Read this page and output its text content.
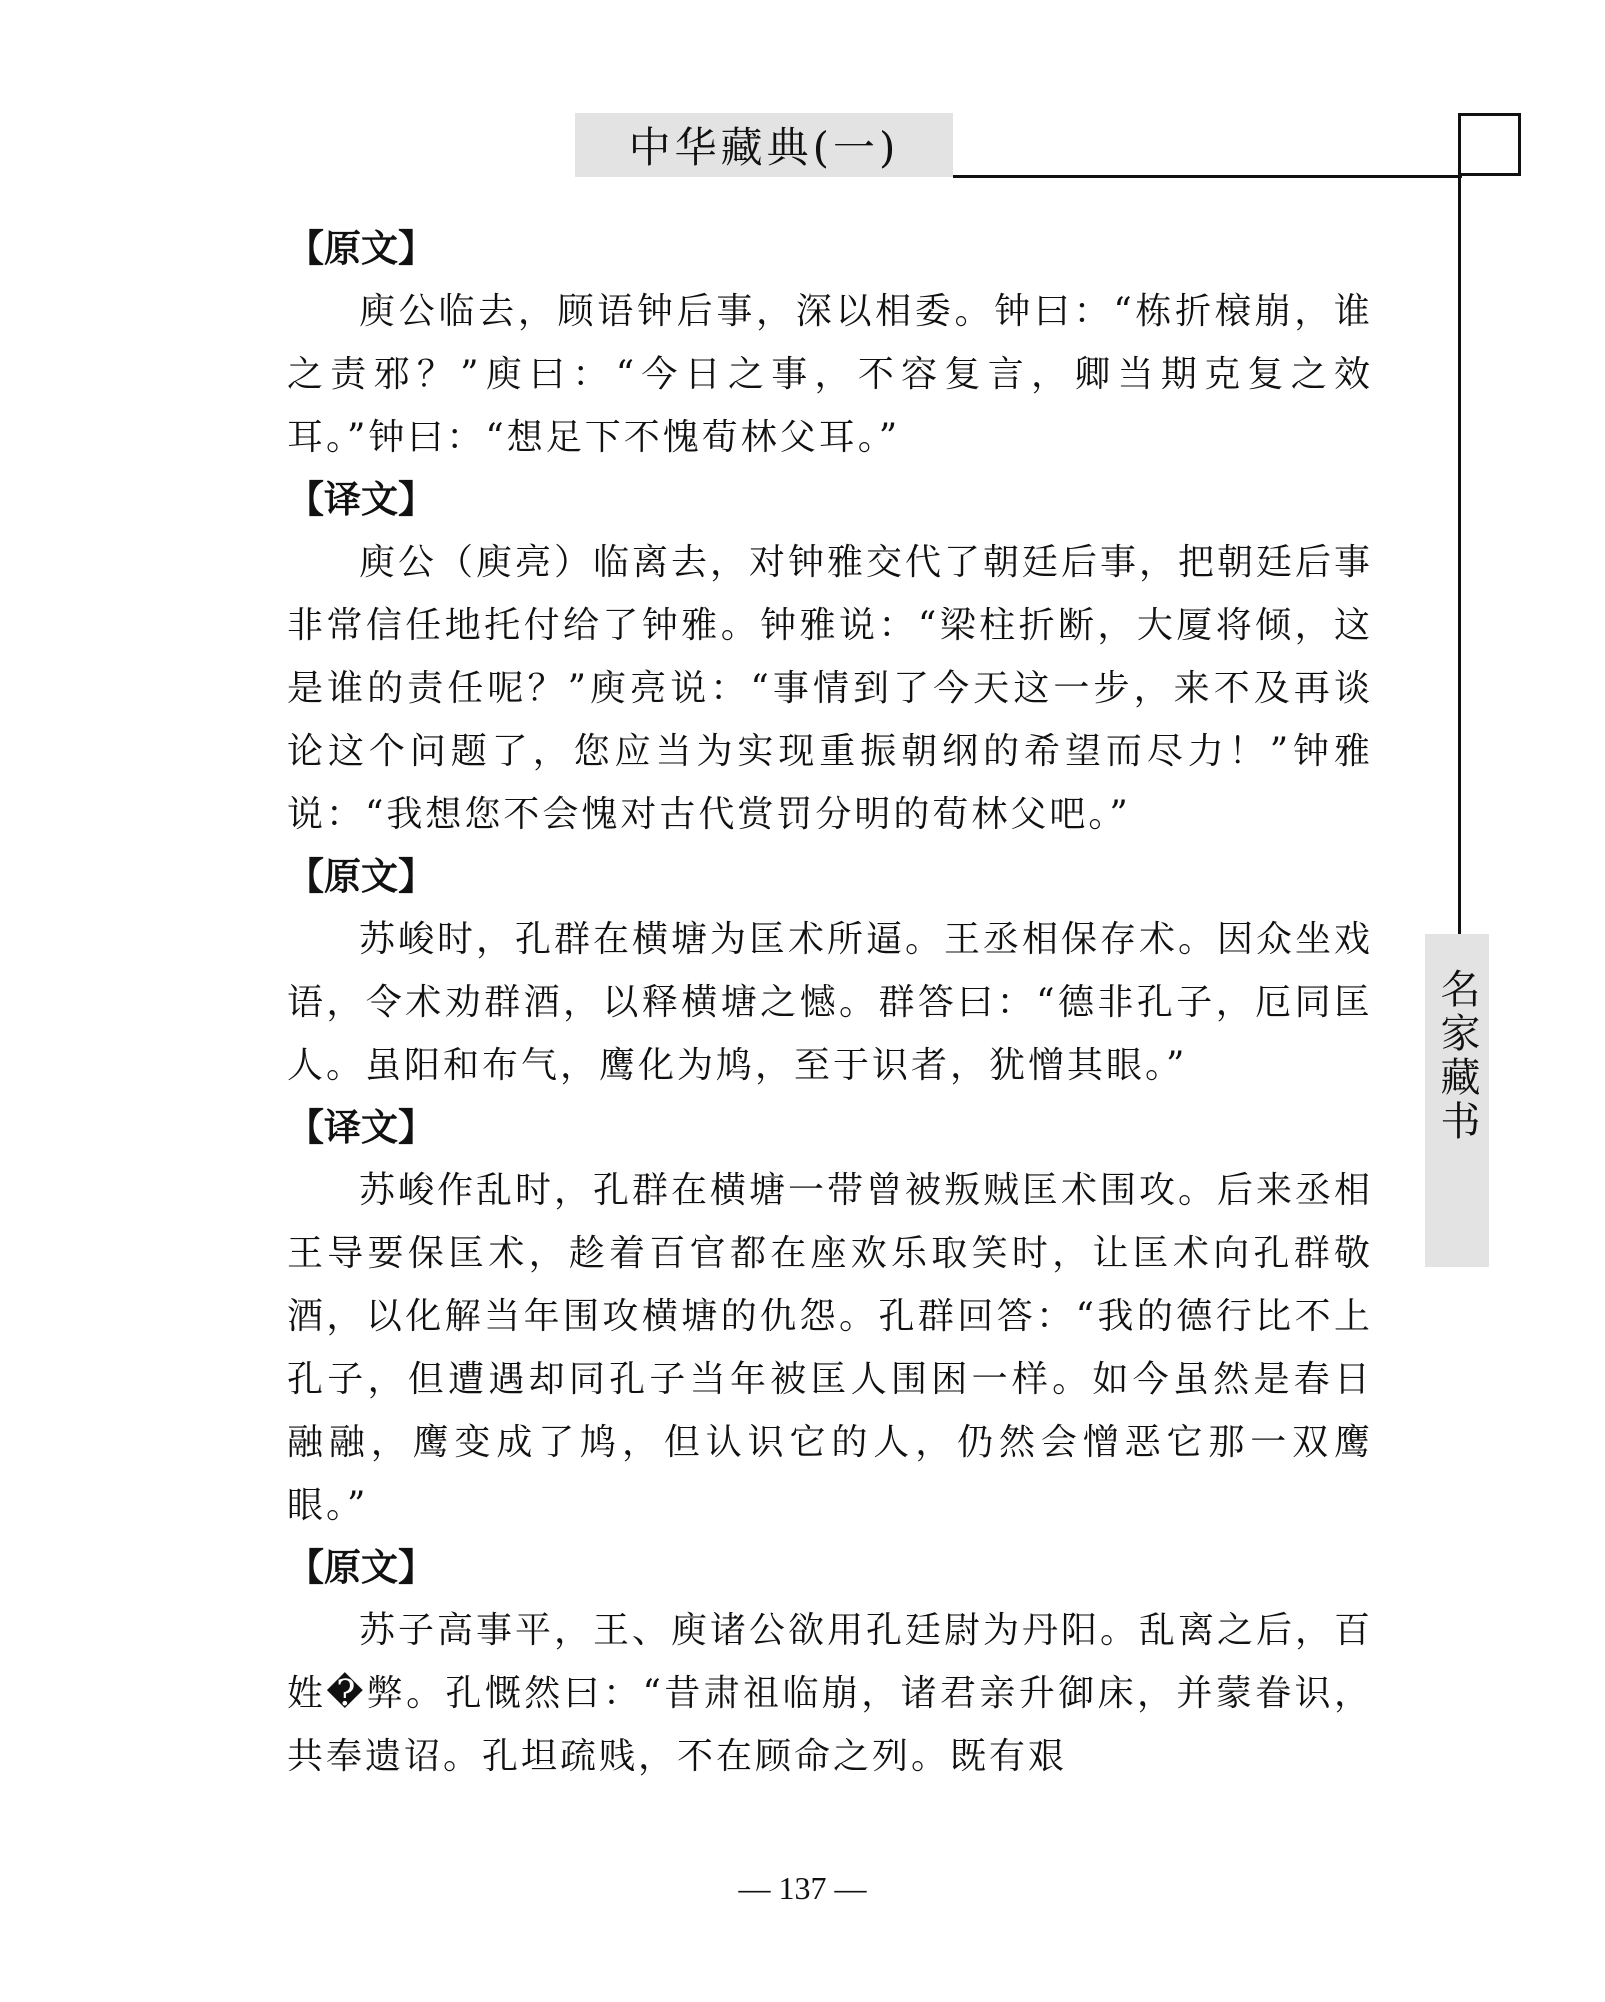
中华藏典(一)
名家藏书
【原文】

庾公临去，顾语钟后事，深以相委。钟曰：“栋折榱崩，谁之责邪？”庾曰：“今日之事，不容复言，卿当期克复之效耳。”钟曰：“想足下不愧荀林父耳。”

【译文】

庾公（庾亮）临离去，对钟雅交代了朝廷后事，把朝廷后事非常信任地托付给了钟雅。钟雅说：“梁柱折断，大厦将倾，这是谁的责任呢？”庾亮说：“事情到了今天这一步，来不及再谈论这个问题了，您应当为实现重振朝纲的希望而尽力！”钟雅说：“我想您不会愧对古代赏罚分明的荀林父吧。”

【原文】

苏峻时，孔群在横塘为匡术所逼。王丞相保存术。因众坐戏语，令术劝群酒，以释横塘之憾。群答曰：“德非孔子，厄同匡人。虽阳和布气，鹰化为鸠，至于识者，犹憎其眼。”

【译文】

苏峻作乱时，孔群在横塘一带曾被叛贼匡术围攻。后来丞相王导要保匡术，趁着百官都在座欢乐取笑时，让匡术向孔群敬酒，以化解当年围攻横塘的仇怨。孔群回答：“我的德行比不上孔子，但遭遇却同孔子当年被匡人围困一样。如今虽然是春日融融，鹰变成了鸠，但认识它的人，仍然会憎恶它那一双鹰眼。”

【原文】

苏子高事平，王、庾诸公欲用孔廷尉为丹阳。乱离之后，百姓�弊。孔慨然曰：“昔肃祖临崩，诸君亲升御床，并蒙眷识，共奉遗诏。孔坦疏贱，不在顾命之列。既有艰

— 137 —
